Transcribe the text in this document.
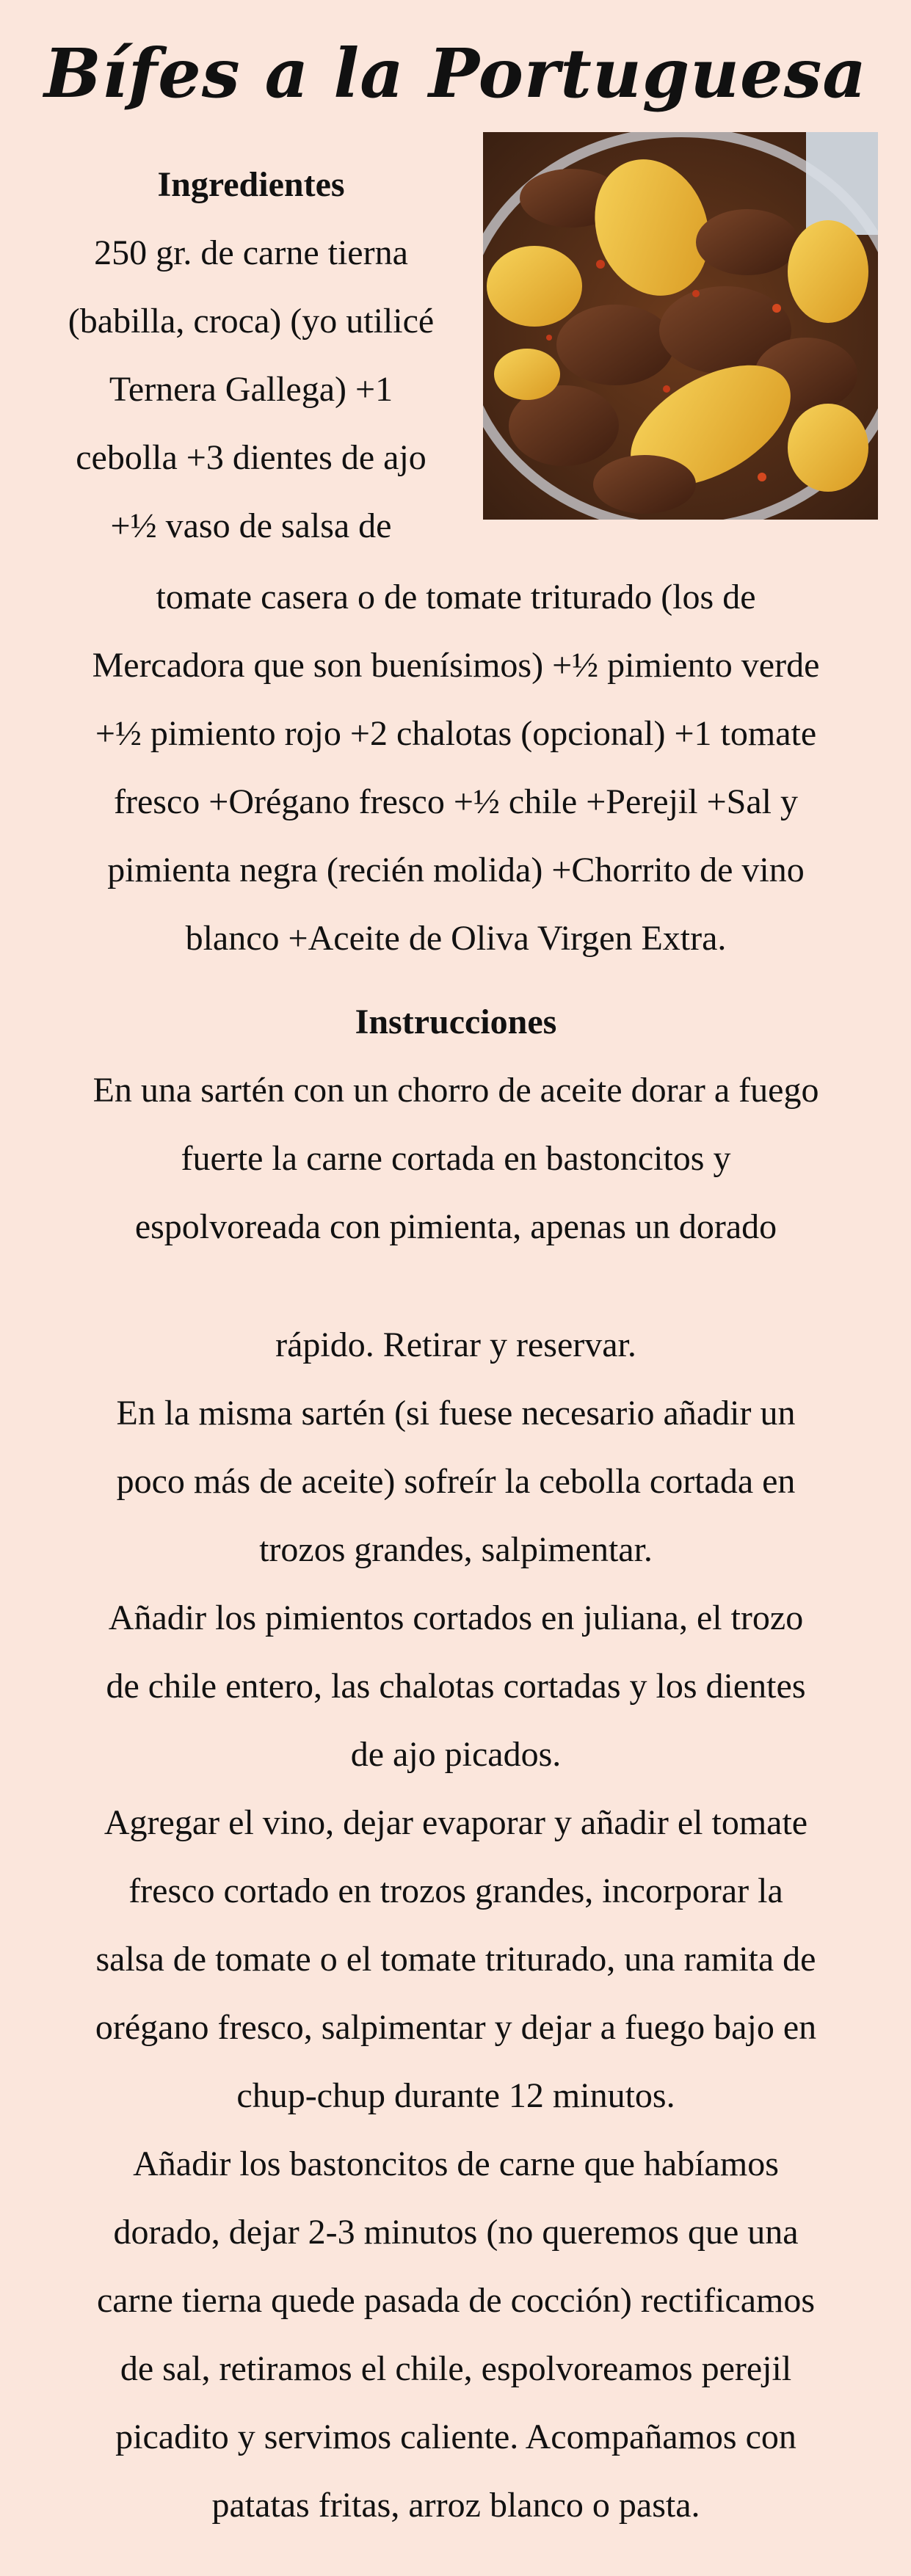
Bífes a la Portuguesa
Ingredientes
250 gr. de carne tierna
(babilla, croca) (yo utilicé
Ternera Gallega) +1
cebolla +3 dientes de ajo
+½ vaso de salsa de
tomate casera o de tomate triturado (los de
Mercadora que son buenísimos) +½ pimiento verde
+½ pimiento rojo +2 chalotas (opcional) +1 tomate
fresco +Orégano fresco +½ chile +Perejil +Sal y
pimienta negra (recién molida) +Chorrito de vino
blanco +Aceite de Oliva Virgen Extra.
Instrucciones
En una sartén con un chorro de aceite dorar a fuego
fuerte la carne cortada en bastoncitos y
espolvoreada con pimienta, apenas un dorado
rápido. Retirar y reservar.
En la misma sartén (si fuese necesario añadir un
poco más de aceite) sofreír la cebolla cortada en
trozos grandes, salpimentar.
Añadir los pimientos cortados en juliana, el trozo
de chile entero, las chalotas cortadas y los dientes
de ajo picados.
Agregar el vino, dejar evaporar y añadir el tomate
fresco cortado en trozos grandes, incorporar la
salsa de tomate o el tomate triturado, una ramita de
orégano fresco, salpimentar y dejar a fuego bajo en
chup-chup durante 12 minutos.
Añadir los bastoncitos de carne que habíamos
dorado, dejar 2-3 minutos (no queremos que una
carne tierna quede pasada de cocción) rectificamos
de sal, retiramos el chile, espolvoreamos perejil
picadito y servimos caliente. Acompañamos con
patatas fritas, arroz blanco o pasta.
